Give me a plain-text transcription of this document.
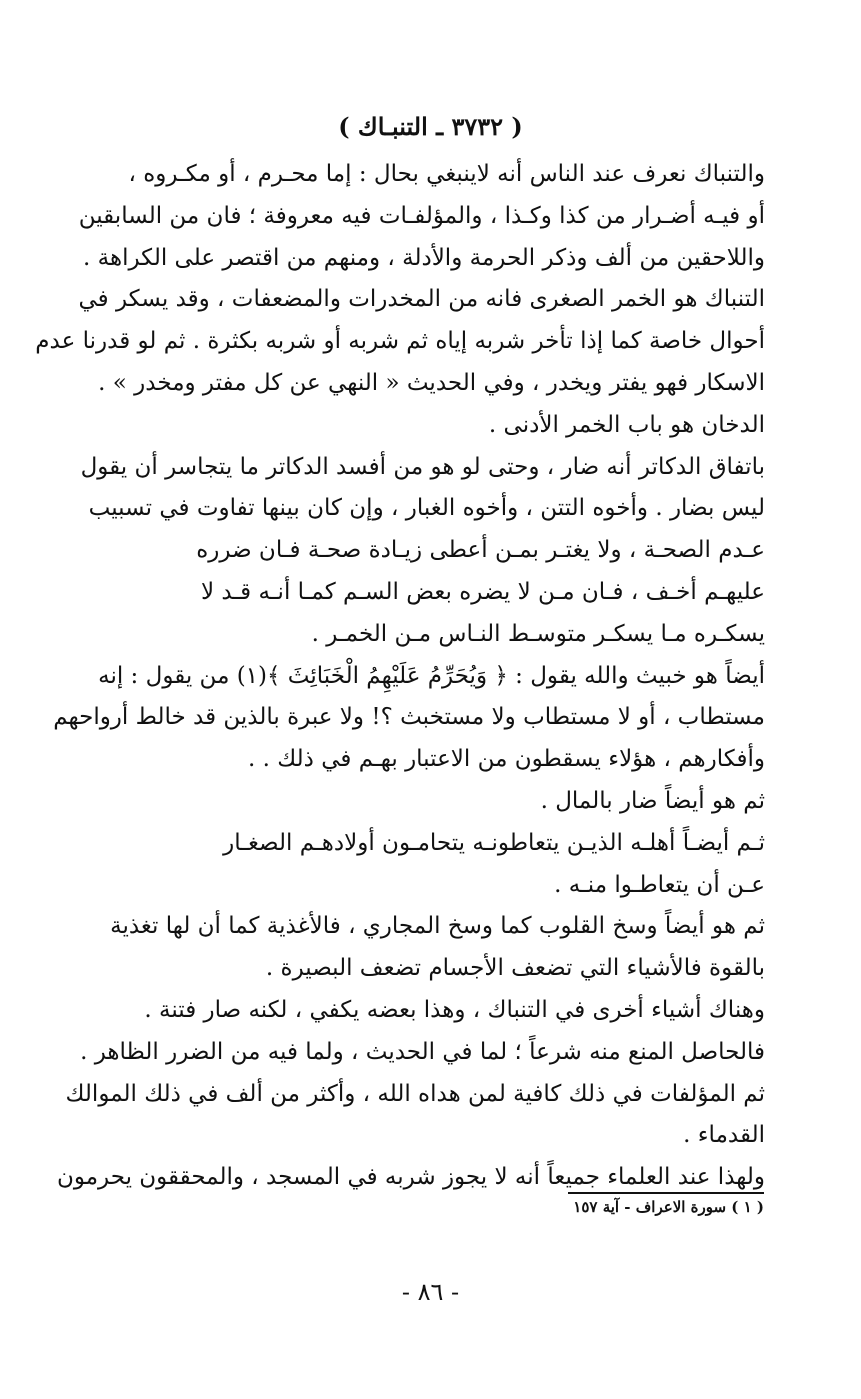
( ٣٧٣٢ ـ التنبـاك )
والتنباك نعرف عند الناس أنه لاينبغي بحال : إما محـرم ، أو مكـروه ،
أو فيـه أضـرار من كذا وكـذا ، والمؤلفـات فيه معروفة ؛ فان من السابقين
واللاحقين من ألف وذكر الحرمة والأدلة ، ومنهم من اقتصر على الكراهة .
التنباك هو الخمر الصغرى فانه من المخدرات والمضعفات ، وقد يسكر في
أحوال خاصة كما إذا تأخر شربه إياه ثم شربه أو شربه بكثرة . ثم لو قدرنا عدم
الاسكار فهو يفتر ويخدر ، وفي الحديث « النهي عن كل مفتر ومخدر » .
الدخان هو باب الخمر الأدنى .
باتفاق الدكاتر أنه ضار ، وحتى لو هو من أفسد الدكاتر ما يتجاسر أن يقول
ليس بضار . وأخوه التتن ، وأخوه الغبار ، وإن كان بينها تفاوت في تسبيب
عـدم الصحـة ، ولا يغتـر بمـن أعطى زيـادة صحـة فـان ضرره
عليهـم أخـف ، فـان مـن لا يضره بعض السـم كمـا أنـه قـد لا
يسكـره مـا يسكـر متوسـط النـاس مـن الخمـر .
أيضاً هو خبيث والله يقول : ﴿ وَيُحَرِّمُ عَلَيْهِمُ الْخَبَائِثَ ﴾(١) من يقول : إنه
مستطاب ، أو لا مستطاب ولا مستخبث ؟! ولا عبرة بالذين قد خالط أرواحهم
وأفكارهم ، هؤلاء يسقطون من الاعتبار بهـم في ذلك . .
ثم هو أيضاً ضار بالمال .
ثـم أيضـاً أهلـه الذيـن يتعاطونـه يتحامـون أولادهـم الصغـار
عـن أن يتعاطـوا منـه .
ثم هو أيضاً وسخ القلوب كما وسخ المجاري ، فالأغذية كما أن لها تغذية
بالقوة فالأشياء التي تضعف الأجسام تضعف البصيرة .
وهناك أشياء أخرى في التنباك ، وهذا بعضه يكفي ، لكنه صار فتنة .
فالحاصل المنع منه شرعاً ؛ لما في الحديث ، ولما فيه من الضرر الظاهر .
ثم المؤلفات في ذلك كافية لمن هداه الله ، وأكثر من ألف في ذلك الموالك
القدماء .
ولهذا عند العلماء جميعاً أنه لا يجوز شربه في المسجد ، والمحققون يحرمون
( ١ ) سورة الاعراف - آية ١٥٧
- ٨٦ -
